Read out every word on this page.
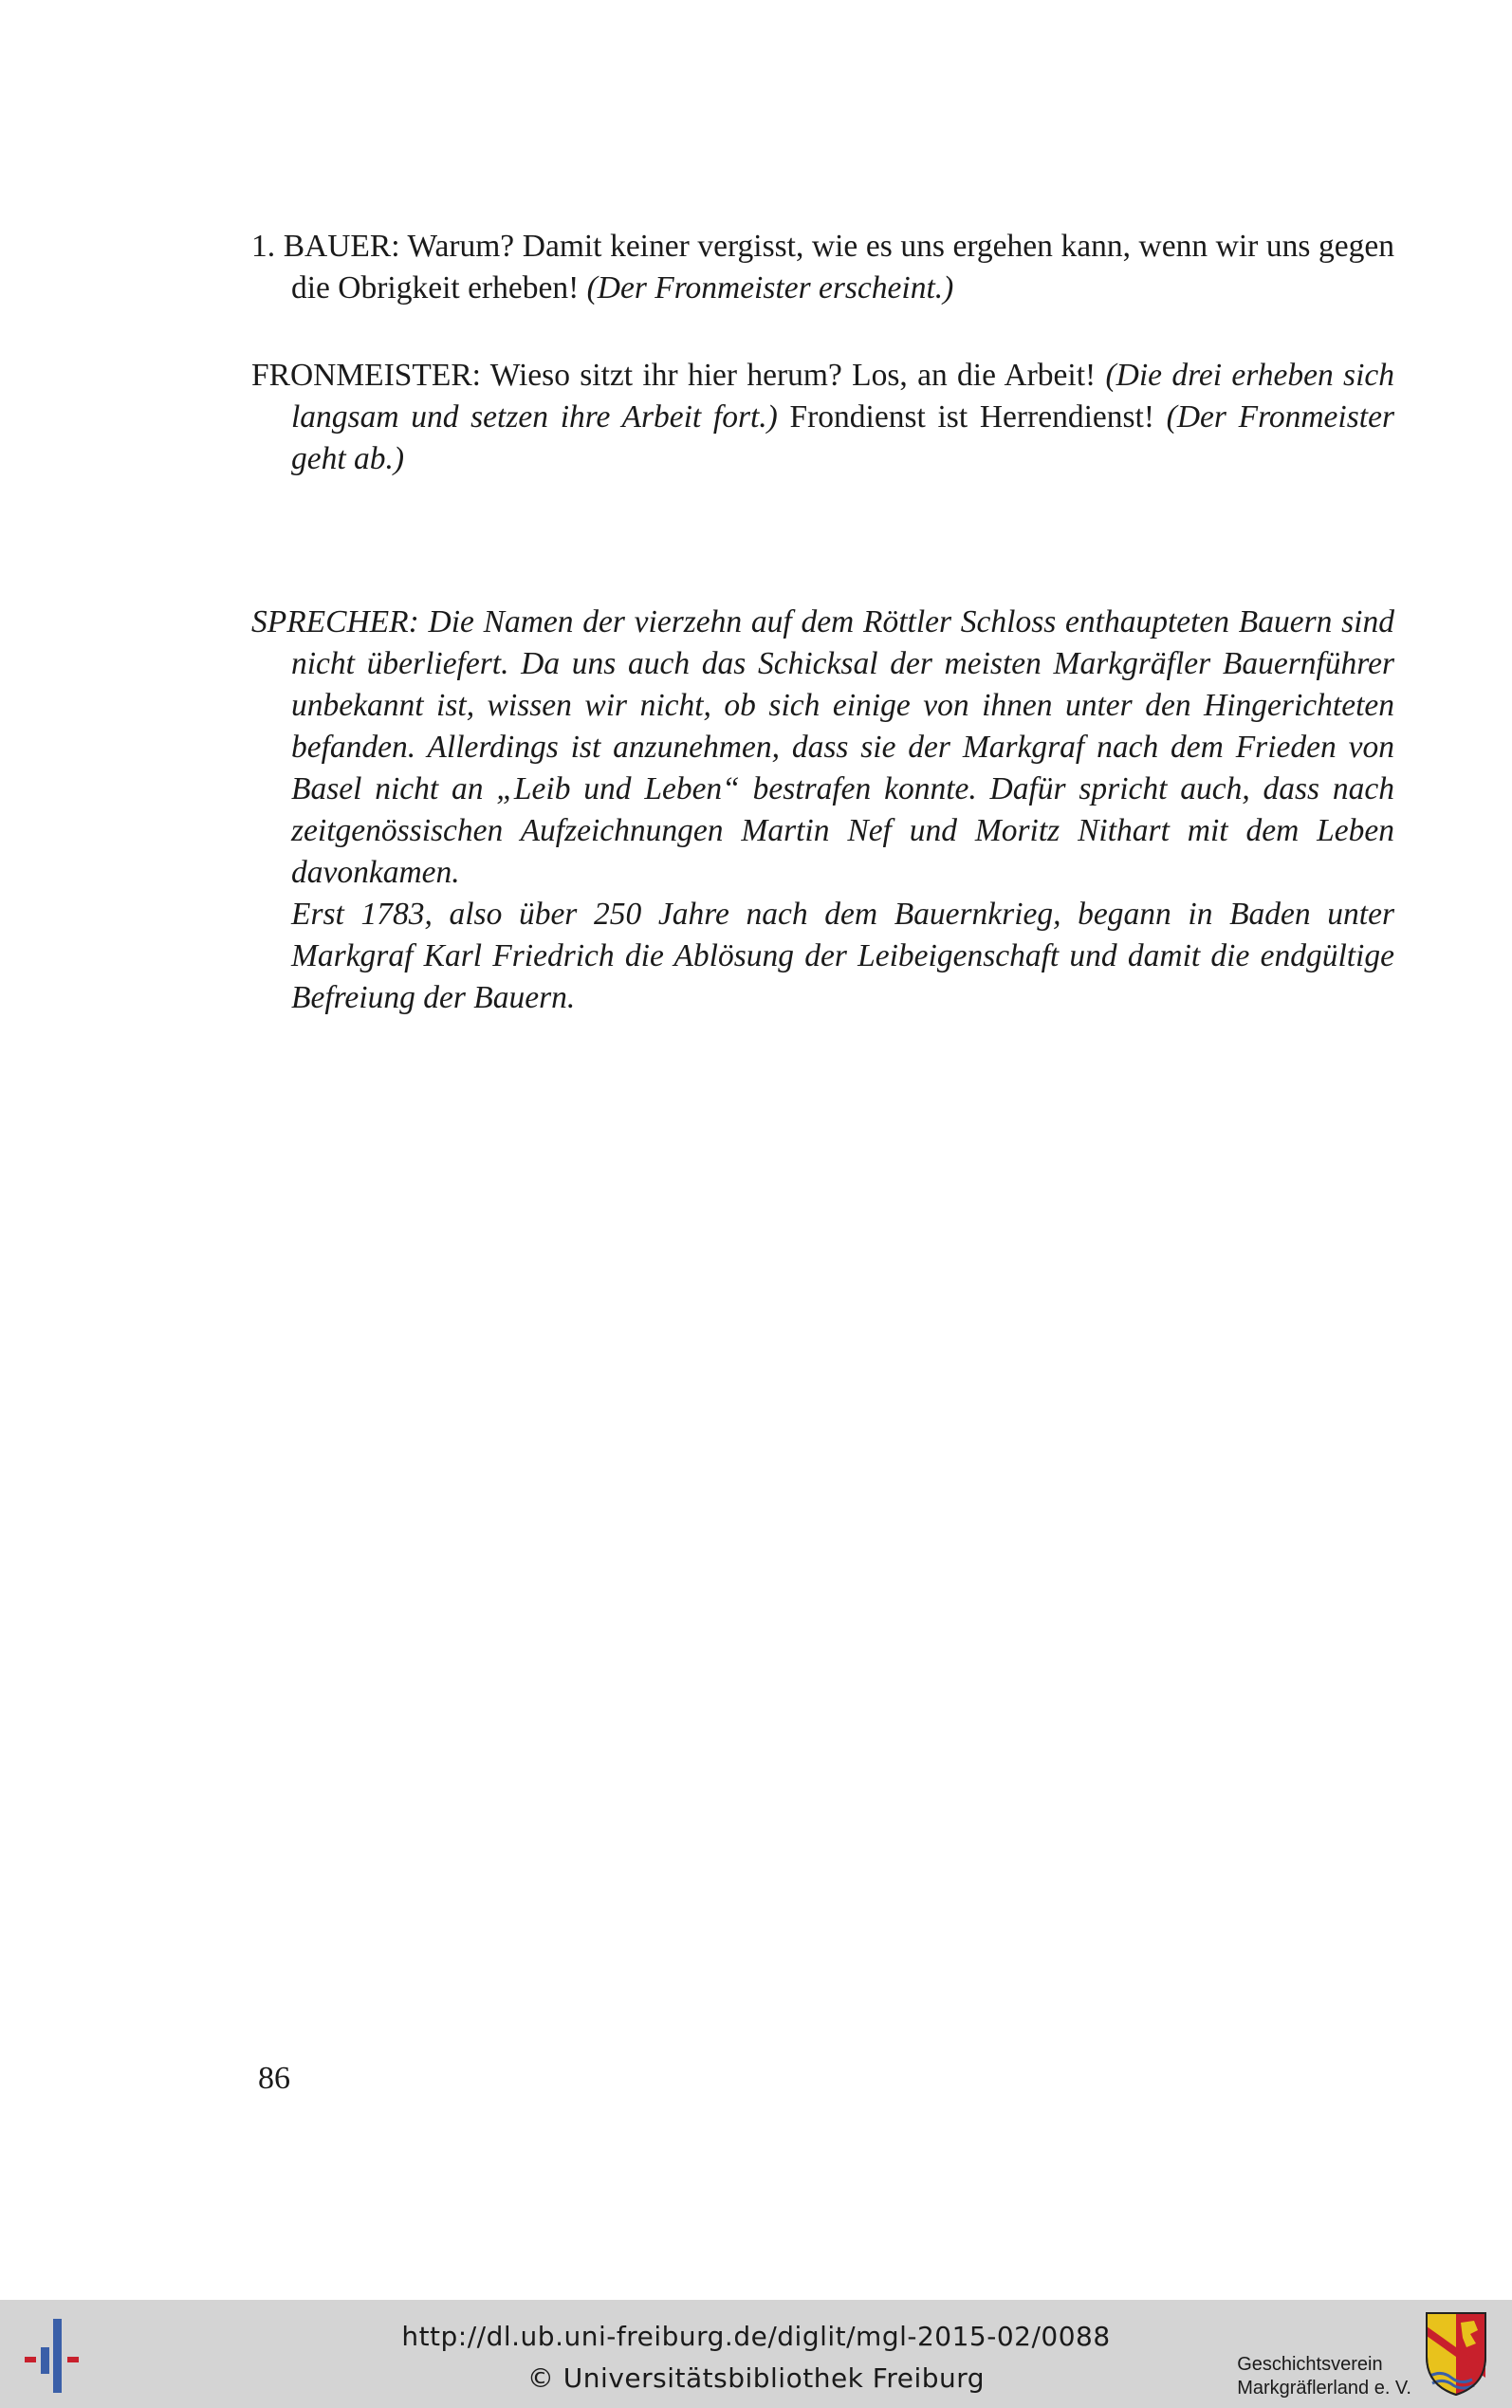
1. BAUER: Warum? Damit keiner vergisst, wie es uns ergehen kann, wenn wir uns gegen die Obrigkeit erheben! (Der Fronmeister erscheint.)

FRONMEISTER: Wieso sitzt ihr hier herum? Los, an die Arbeit! (Die drei erheben sich langsam und setzen ihre Arbeit fort.) Frondienst ist Herrendienst! (Der Fronmeister geht ab.)

SPRECHER: Die Namen der vierzehn auf dem Röttler Schloss enthaupteten Bauern sind nicht überliefert. Da uns auch das Schicksal der meisten Markgräfler Bauernführer unbekannt ist, wissen wir nicht, ob sich einige von ihnen unter den Hingerichteten befanden. Allerdings ist anzunehmen, dass sie der Markgraf nach dem Frieden von Basel nicht an „Leib und Leben“ bestrafen konnte. Dafür spricht auch, dass nach zeitgenössischen Aufzeichnungen Martin Nef und Moritz Nithart mit dem Leben davonkamen.

Erst 1783, also über 250 Jahre nach dem Bauernkrieg, begann in Baden unter Markgraf Karl Friedrich die Ablösung der Leibeigenschaft und damit die endgültige Befreiung der Bauern.

86
http://dl.ub.uni-freiburg.de/diglit/mgl-2015-02/0088
© Universitätsbibliothek Freiburg	Geschichtsverein
Markgräflerland e. V.
